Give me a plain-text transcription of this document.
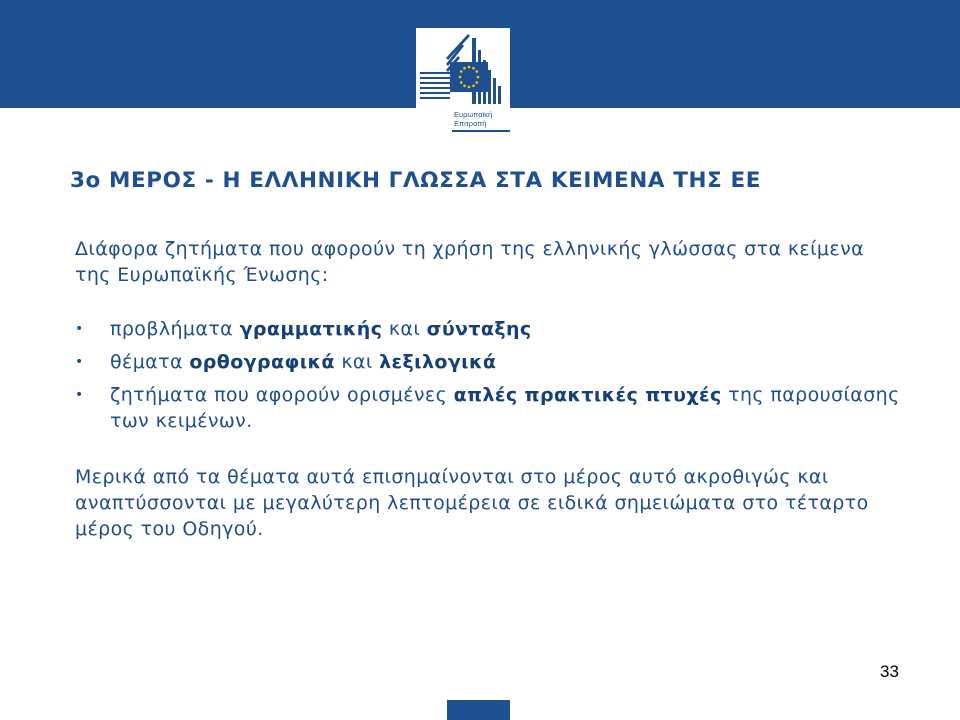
Ευρωπαϊκή
Επιτροπή
3ο ΜΕΡΟΣ - Η ΕΛΛΗΝΙΚΗ ΓΛΩΣΣΑ ΣΤΑ ΚΕΙΜΕΝΑ ΤΗΣ ΕΕ

Διάφορα ζητήματα που αφορούν τη χρήση της ελληνικής γλώσσας στα κείμενα της Ευρωπαϊκής Ένωσης:

• προβλήματα γραμματικής και σύνταξης
• θέματα ορθογραφικά και λεξιλογικά
• ζητήματα που αφορούν ορισμένες απλές πρακτικές πτυχές της παρουσίασης των κειμένων.

Μερικά από τα θέματα αυτά επισημαίνονται στο μέρος αυτό ακροθιγώς και αναπτύσσονται με μεγαλύτερη λεπτομέρεια σε ειδικά σημειώματα στο τέταρτο μέρος του Οδηγού.

33
